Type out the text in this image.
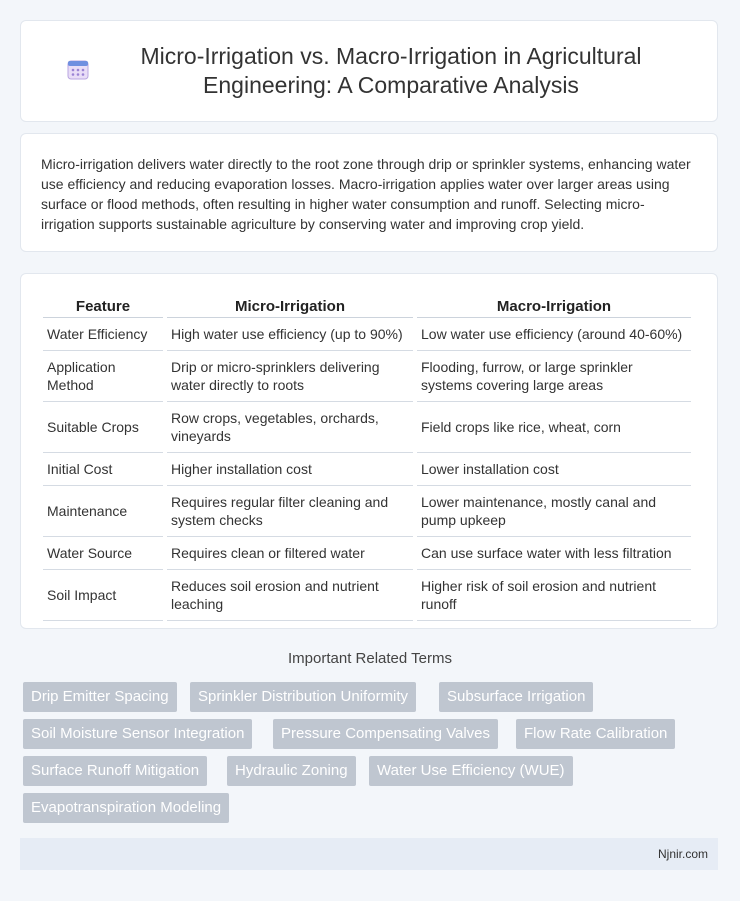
Micro-Irrigation vs. Macro-Irrigation in Agricultural Engineering: A Comparative Analysis

Micro-irrigation delivers water directly to the root zone through drip or sprinkler systems, enhancing water use efficiency and reducing evaporation losses. Macro-irrigation applies water over larger areas using surface or flood methods, often resulting in higher water consumption and runoff. Selecting micro-irrigation supports sustainable agriculture by conserving water and improving crop yield.

Feature	Micro-Irrigation	Macro-Irrigation
Water Efficiency	High water use efficiency (up to 90%)	Low water use efficiency (around 40-60%)
Application Method	Drip or micro-sprinklers delivering water directly to roots	Flooding, furrow, or large sprinkler systems covering large areas
Suitable Crops	Row crops, vegetables, orchards, vineyards	Field crops like rice, wheat, corn
Initial Cost	Higher installation cost	Lower installation cost
Maintenance	Requires regular filter cleaning and system checks	Lower maintenance, mostly canal and pump upkeep
Water Source	Requires clean or filtered water	Can use surface water with less filtration
Soil Impact	Reduces soil erosion and nutrient leaching	Higher risk of soil erosion and nutrient runoff
Important Related Terms
Drip Emitter Spacing	Sprinkler Distribution Uniformity	Subsurface Irrigation
Soil Moisture Sensor Integration	Pressure Compensating Valves	Flow Rate Calibration
Surface Runoff Mitigation	Hydraulic Zoning	Water Use Efficiency (WUE)
Evapotranspiration Modeling
Njnir.com
